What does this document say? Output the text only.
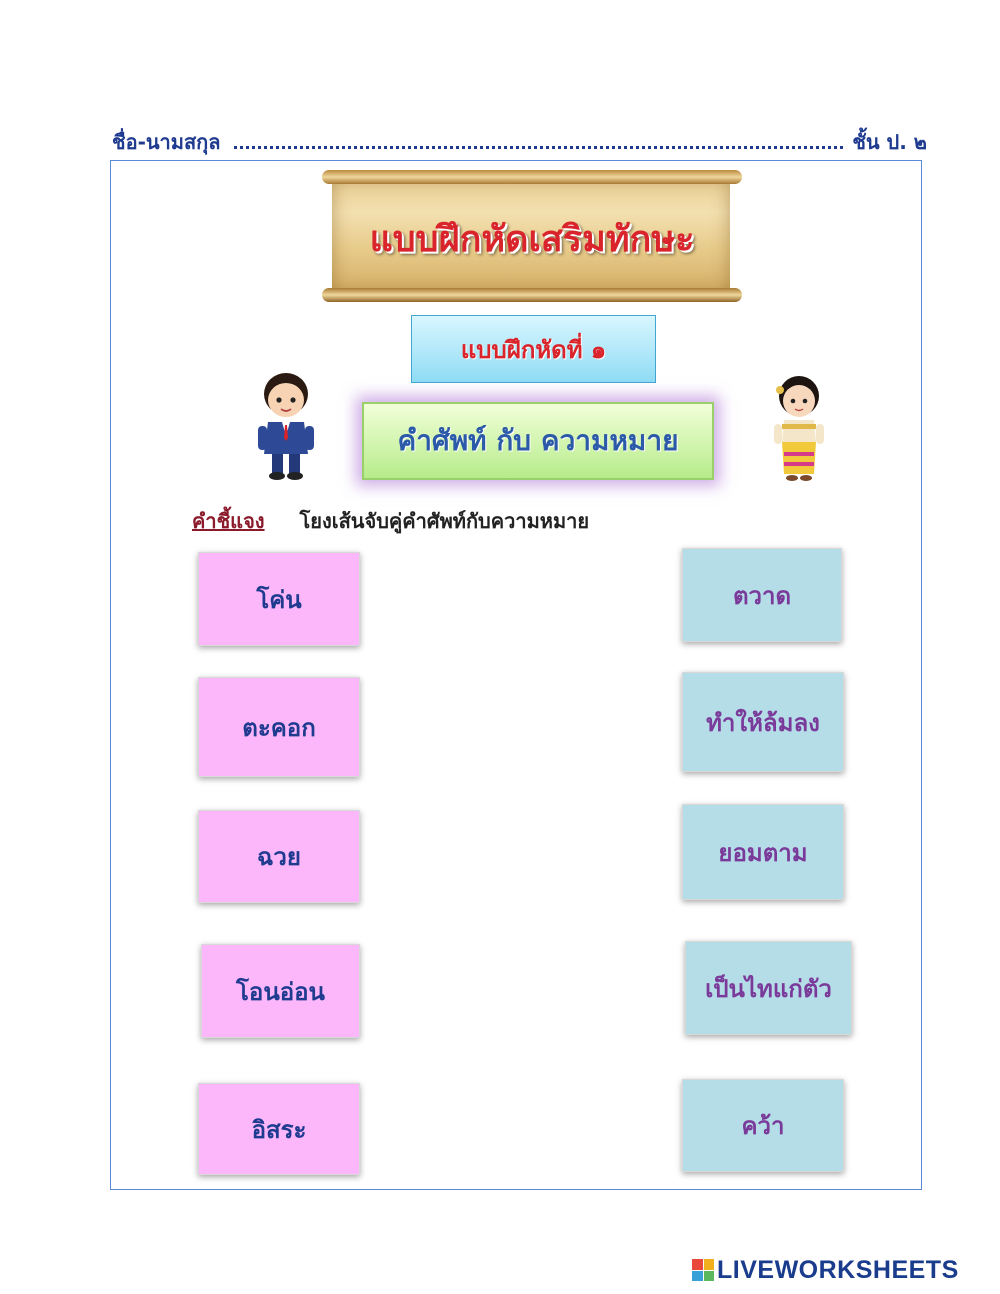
ชื่อ-นามสกุล	ชั้น ป. ๒
แบบฝึกหัดเสริมทักษะ
แบบฝึกหัดที่ ๑
คำศัพท์ กับ ความหมาย
คำชี้แจง โยงเส้นจับคู่คำศัพท์กับความหมาย
โค่น
ตะคอก
ฉวย
โอนอ่อน
อิสระ
ตวาด
ทำให้ล้มลง
ยอมตาม
เป็นไทแก่ตัว
คว้า
LIVEWORKSHEETS
